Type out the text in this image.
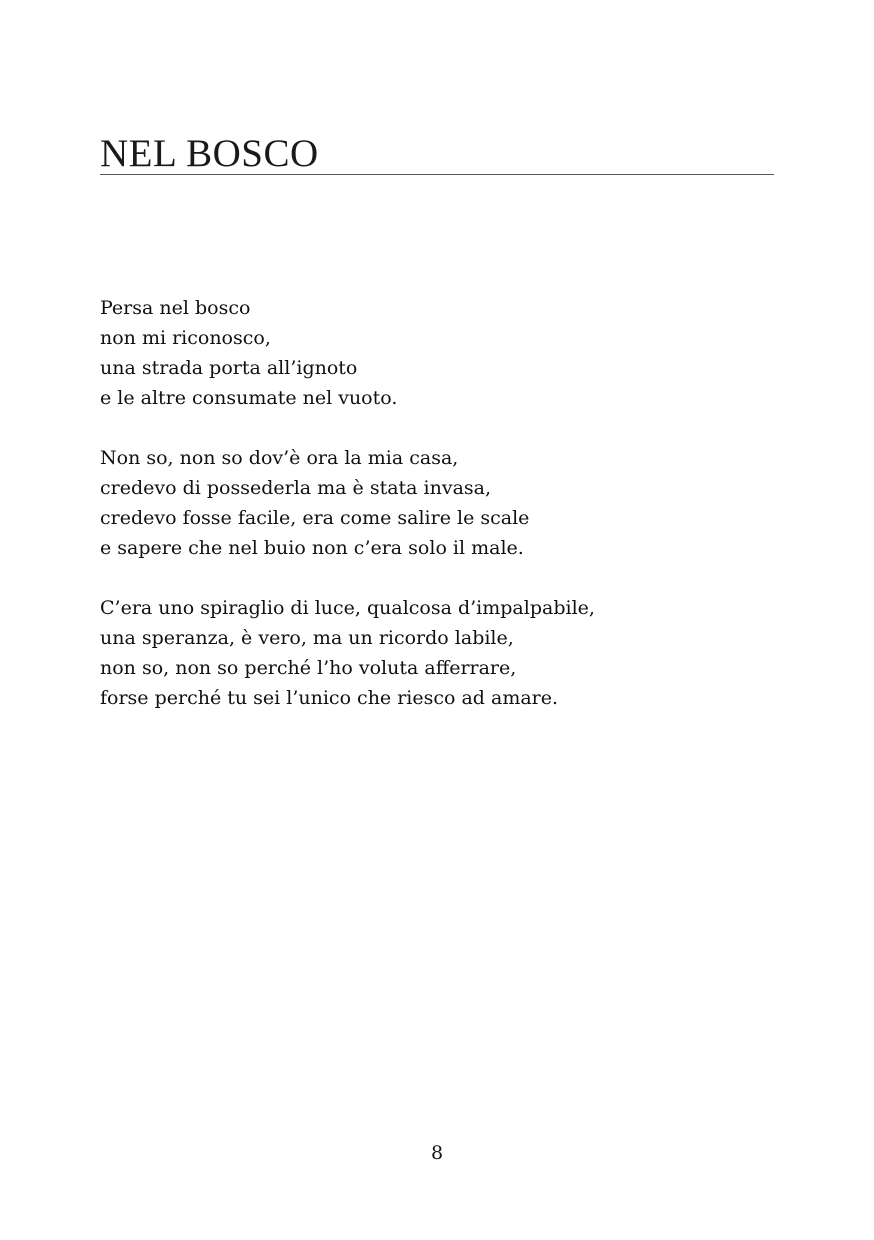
NEL BOSCO
Persa nel bosco
non mi riconosco,
una strada porta all’ignoto
e le altre consumate nel vuoto.
Non so, non so dov’è ora la mia casa,
credevo di possederla ma è stata invasa,
credevo fosse facile, era come salire le scale
e sapere che nel buio non c’era solo il male.
C’era uno spiraglio di luce, qualcosa d’impalpabile,
una speranza, è vero, ma un ricordo labile,
non so, non so perché l’ho voluta afferrare,
forse perché tu sei l’unico che riesco ad amare.
8
